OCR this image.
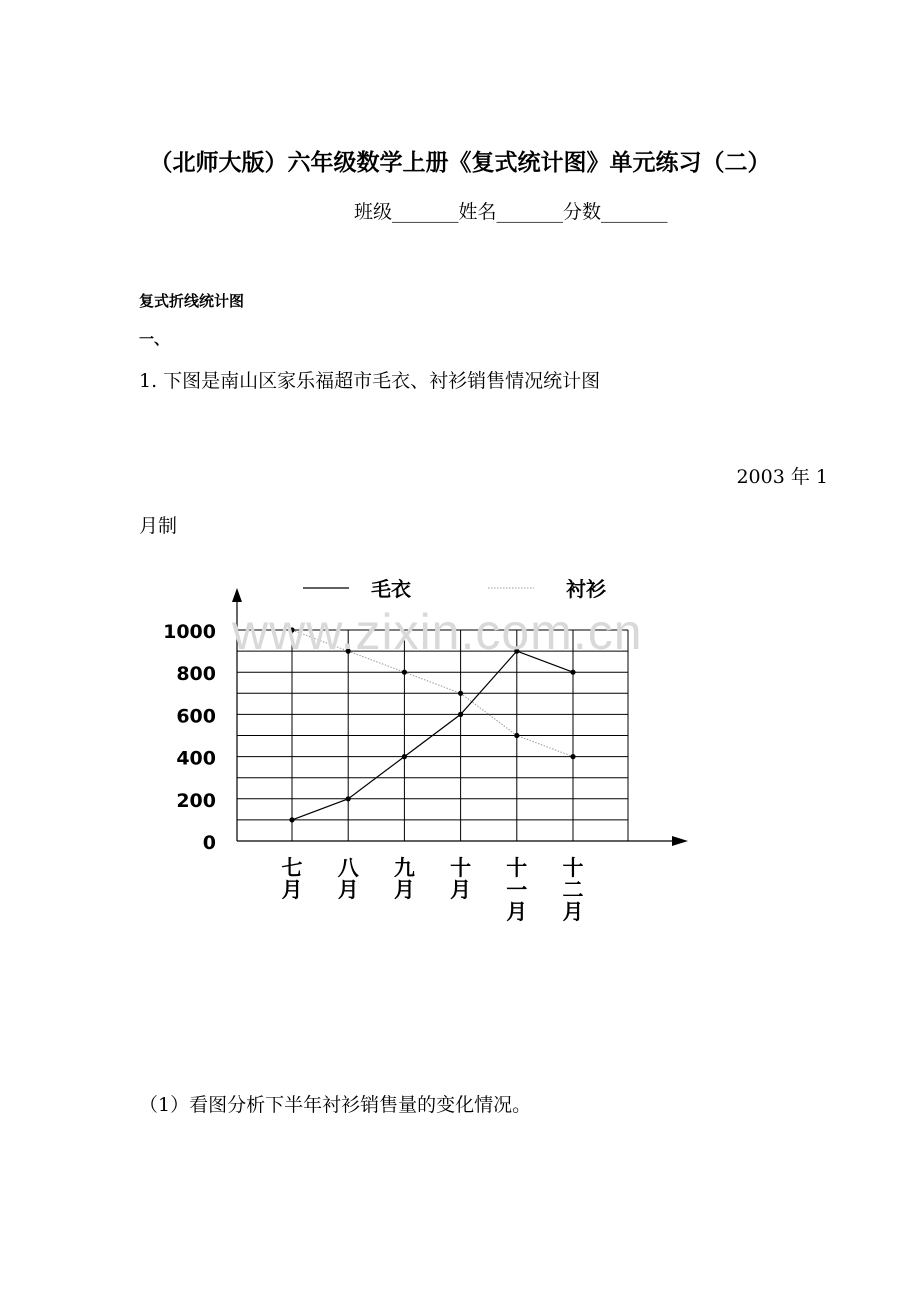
（北师大版）六年级数学上册《复式统计图》单元练习（二）
班级_______姓名_______分数_______
复式折线统计图
一、
1. 下图是南山区家乐福超市毛衣、衬衫销售情况统计图
2003 年 1
月制
0
200
400
600
800
1000
七
月
八
月
九
月
十
月
十
一
月
十
二
月
毛衣	衬衫
www.zixin.com.cn
（1）看图分析下半年衬衫销售量的变化情况。
